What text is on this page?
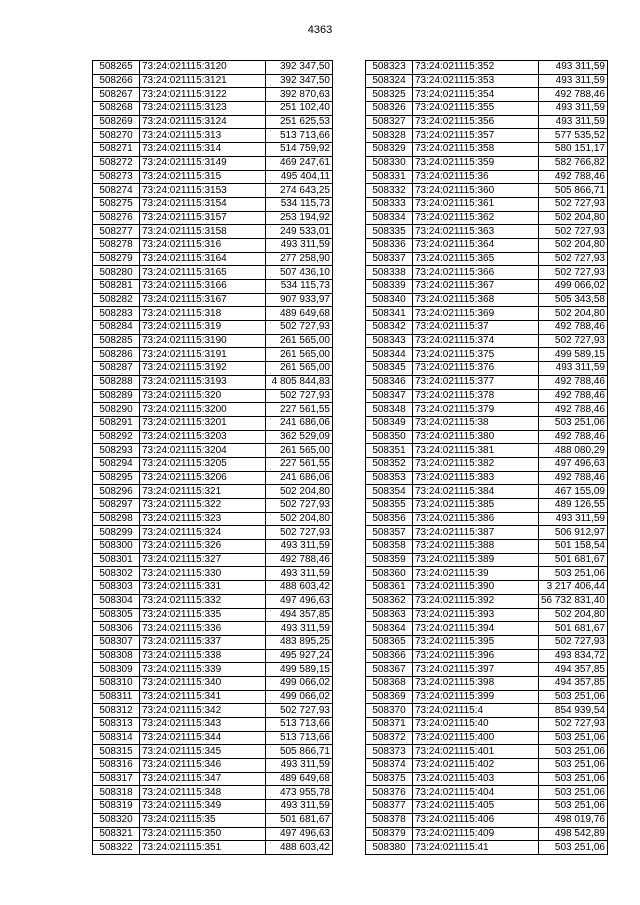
4363
508265	73:24:021115:3120	392 347,50
508266	73:24:021115:3121	392 347,50
508267	73:24:021115:3122	392 870,63
508268	73:24:021115:3123	251 102,40
508269	73:24:021115:3124	251 625,53
508270	73:24:021115:313	513 713,66
508271	73:24:021115:314	514 759,92
508272	73:24:021115:3149	469 247,61
508273	73:24:021115:315	495 404,11
508274	73:24:021115:3153	274 643,25
508275	73:24:021115:3154	534 115,73
508276	73:24:021115:3157	253 194,92
508277	73:24:021115:3158	249 533,01
508278	73:24:021115:316	493 311,59
508279	73:24:021115:3164	277 258,90
508280	73:24:021115:3165	507 436,10
508281	73:24:021115:3166	534 115,73
508282	73:24:021115:3167	907 933,97
508283	73:24:021115:318	489 649,68
508284	73:24:021115:319	502 727,93
508285	73:24:021115:3190	261 565,00
508286	73:24:021115:3191	261 565,00
508287	73:24:021115:3192	261 565,00
508288	73:24:021115:3193	4 805 844,83
508289	73:24:021115:320	502 727,93
508290	73:24:021115:3200	227 561,55
508291	73:24:021115:3201	241 686,06
508292	73:24:021115:3203	362 529,09
508293	73:24:021115:3204	261 565,00
508294	73:24:021115:3205	227 561,55
508295	73:24:021115:3206	241 686,06
508296	73:24:021115:321	502 204,80
508297	73:24:021115:322	502 727,93
508298	73:24:021115:323	502 204,80
508299	73:24:021115:324	502 727,93
508300	73:24:021115:326	493 311,59
508301	73:24:021115:327	492 788,46
508302	73:24:021115:330	493 311,59
508303	73:24:021115:331	488 603,42
508304	73:24:021115:332	497 496,63
508305	73:24:021115:335	494 357,85
508306	73:24:021115:336	493 311,59
508307	73:24:021115:337	483 895,25
508308	73:24:021115:338	495 927,24
508309	73:24:021115:339	499 589,15
508310	73:24:021115:340	499 066,02
508311	73:24:021115:341	499 066,02
508312	73:24:021115:342	502 727,93
508313	73:24:021115:343	513 713,66
508314	73:24:021115:344	513 713,66
508315	73:24:021115:345	505 866,71
508316	73:24:021115:346	493 311,59
508317	73:24:021115:347	489 649,68
508318	73:24:021115:348	473 955,78
508319	73:24:021115:349	493 311,59
508320	73:24:021115:35	501 681,67
508321	73:24:021115:350	497 496,63
508322	73:24:021115:351	488 603,42
508323	73:24:021115:352	493 311,59
508324	73:24:021115:353	493 311,59
508325	73:24:021115:354	492 788,46
508326	73:24:021115:355	493 311,59
508327	73:24:021115:356	493 311,59
508328	73:24:021115:357	577 535,52
508329	73:24:021115:358	580 151,17
508330	73:24:021115:359	582 766,82
508331	73:24:021115:36	492 788,46
508332	73:24:021115:360	505 866,71
508333	73:24:021115:361	502 727,93
508334	73:24:021115:362	502 204,80
508335	73:24:021115:363	502 727,93
508336	73:24:021115:364	502 204,80
508337	73:24:021115:365	502 727,93
508338	73:24:021115:366	502 727,93
508339	73:24:021115:367	499 066,02
508340	73:24:021115:368	505 343,58
508341	73:24:021115:369	502 204,80
508342	73:24:021115:37	492 788,46
508343	73:24:021115:374	502 727,93
508344	73:24:021115:375	499 589,15
508345	73:24:021115:376	493 311,59
508346	73:24:021115:377	492 788,46
508347	73:24:021115:378	492 788,46
508348	73:24:021115:379	492 788,46
508349	73:24:021115:38	503 251,06
508350	73:24:021115:380	492 788,46
508351	73:24:021115:381	488 080,29
508352	73:24:021115:382	497 496,63
508353	73:24:021115:383	492 788,46
508354	73:24:021115:384	467 155,09
508355	73:24:021115:385	489 126,55
508356	73:24:021115:386	493 311,59
508357	73:24:021115:387	506 912,97
508358	73:24:021115:388	501 158,54
508359	73:24:021115:389	501 681,67
508360	73:24:021115:39	503 251,06
508361	73:24:021115:390	3 217 406,44
508362	73:24:021115:392	56 732 831,40
508363	73:24:021115:393	502 204,80
508364	73:24:021115:394	501 681,67
508365	73:24:021115:395	502 727,93
508366	73:24:021115:396	493 834,72
508367	73:24:021115:397	494 357,85
508368	73:24:021115:398	494 357,85
508369	73:24:021115:399	503 251,06
508370	73:24:021115:4	854 939,54
508371	73:24:021115:40	502 727,93
508372	73:24:021115:400	503 251,06
508373	73:24:021115:401	503 251,06
508374	73:24:021115:402	503 251,06
508375	73:24:021115:403	503 251,06
508376	73:24:021115:404	503 251,06
508377	73:24:021115:405	503 251,06
508378	73:24:021115:406	498 019,76
508379	73:24:021115:409	498 542,89
508380	73:24:021115:41	503 251,06
